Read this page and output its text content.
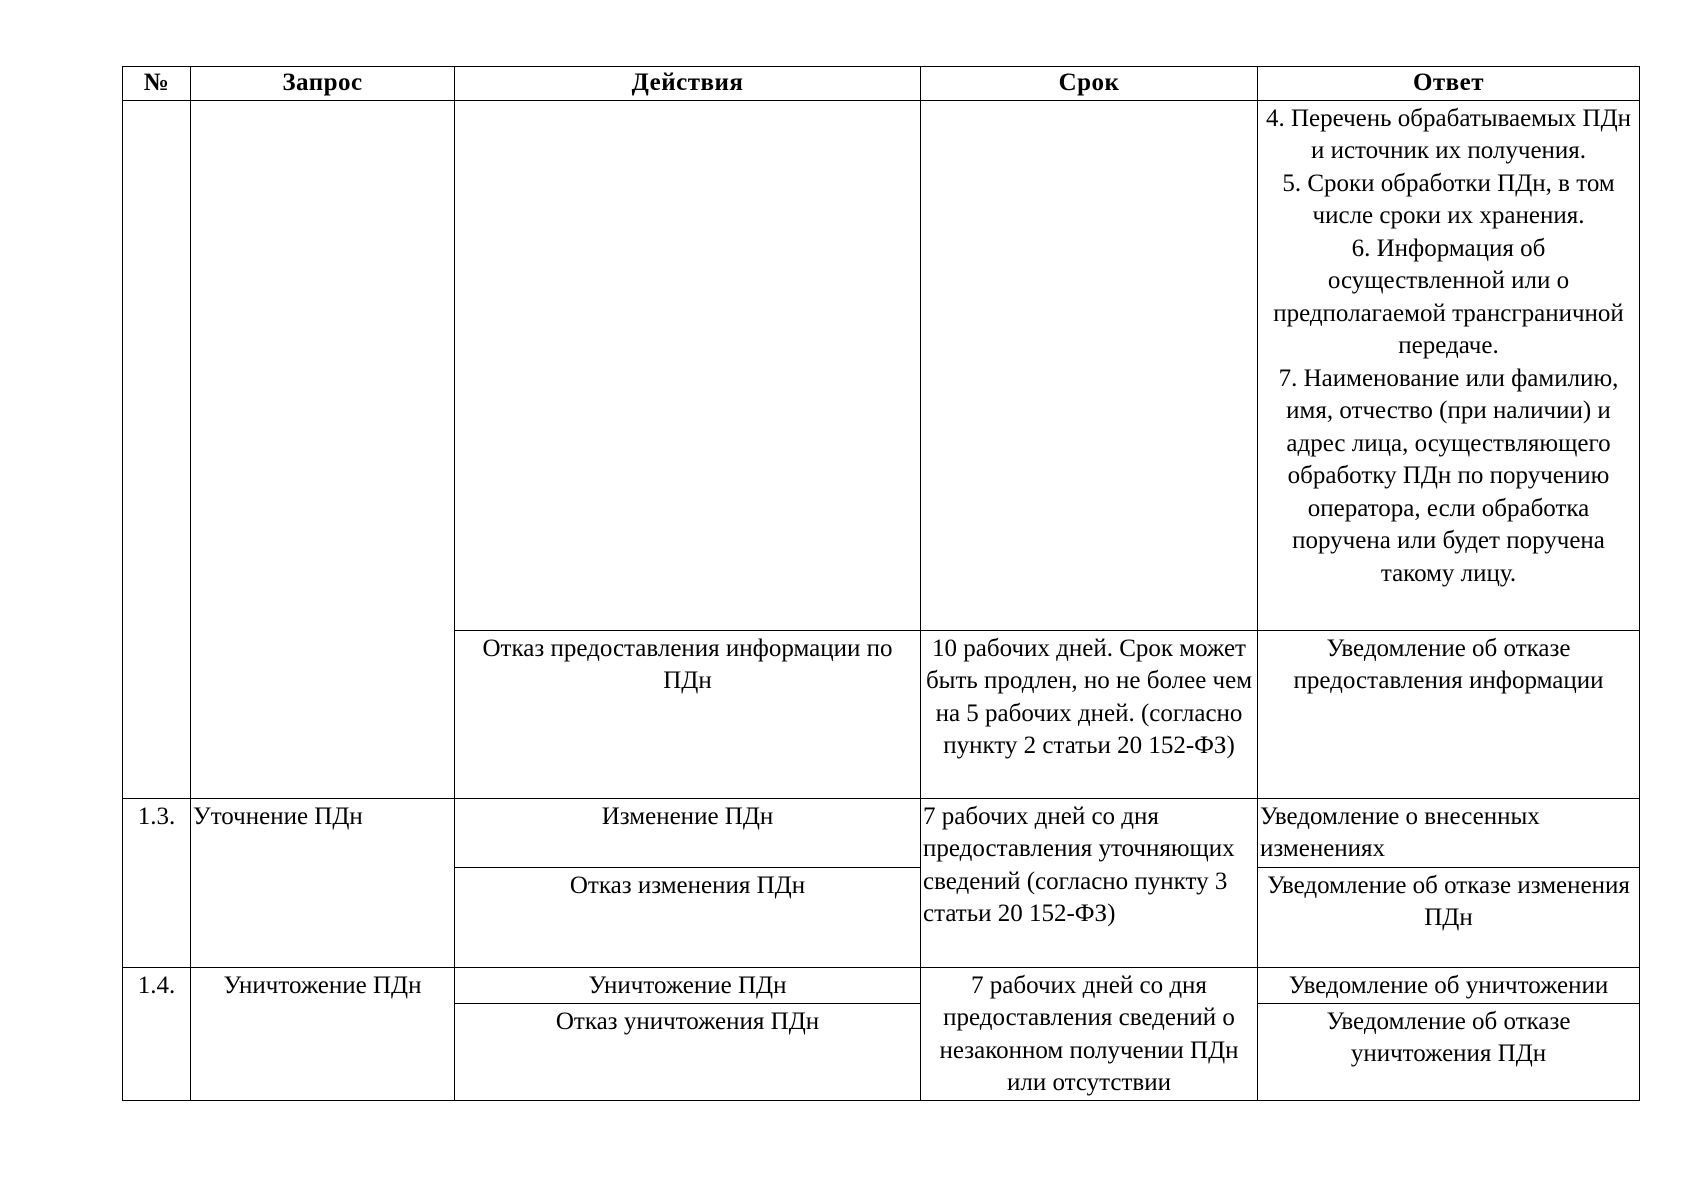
№	Запрос	Действия	Срок	Ответ

				4. Перечень обрабатываемых ПДн и источник их получения.
5. Сроки обработки ПДн, в том числе сроки их хранения.
6. Информация об осуществленной или о предполагаемой трансграничной передаче.
7. Наименование или фамилию, имя, отчество (при наличии) и адрес лица, осуществляющего обработку ПДн по поручению оператора, если обработка поручена или будет поручена такому лицу.

		Отказ предоставления информации по ПДн	10 рабочих дней. Срок может быть продлен, но не более чем на 5 рабочих дней. (согласно пункту 2 статьи 20 152-ФЗ)	Уведомление об отказе предоставления информации
1.3.	Уточнение ПДн	Изменение ПДн	7 рабочих дней со дня предоставления уточняющих сведений (согласно пункту 3 статьи 20 152-ФЗ)	Уведомление о внесенных изменениях
		Отказ изменения ПДн		Уведомление об отказе изменения ПДн
1.4.	Уничтожение ПДн	Уничтожение ПДн	7 рабочих дней со дня предоставления сведений о незаконном получении ПДн или отсутствии	Уведомление об уничтожении
		Отказ уничтожения ПДн		Уведомление об отказе уничтожения ПДн
